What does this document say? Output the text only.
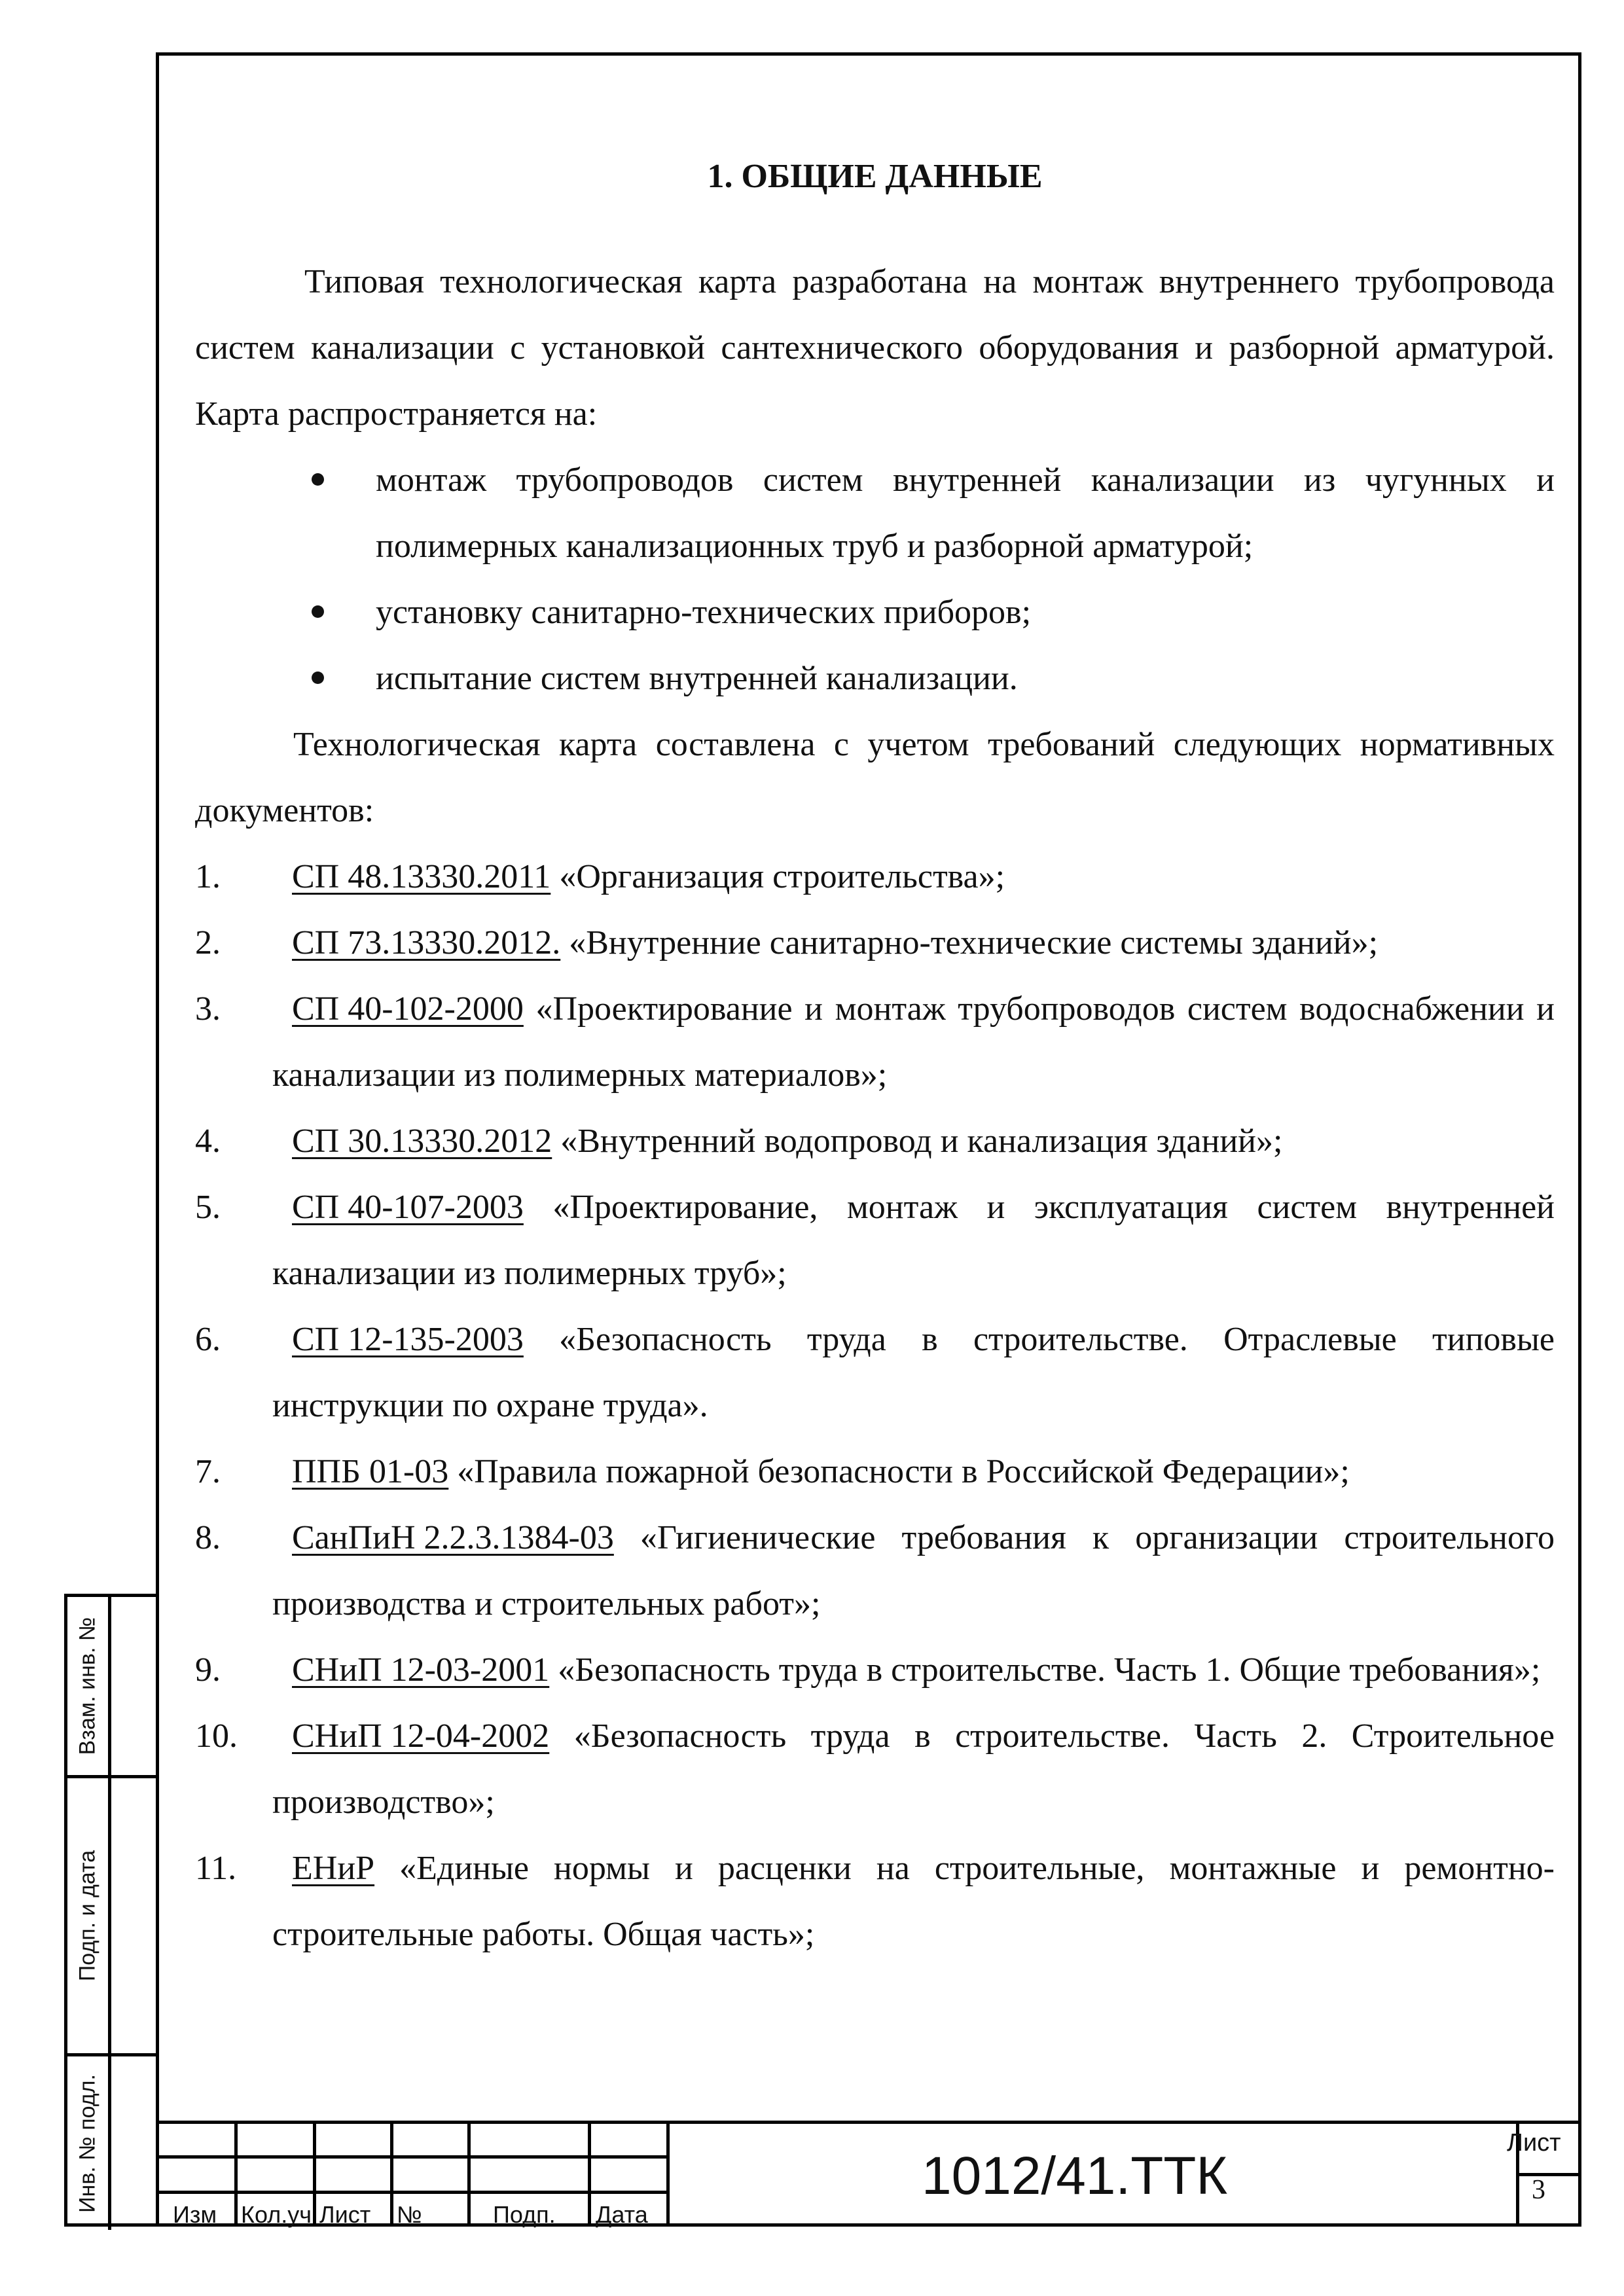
1. ОБЩИЕ ДАННЫЕ

Типовая технологическая карта разработана на монтаж внутреннего трубопровода систем канализации с установкой сантехнического оборудования и разборной арматурой. Карта распространяется на:

монтаж трубопроводов систем внутренней канализации из чугунных и полимерных канализационных труб и разборной арматурой;
установку санитарно-технических приборов;
испытание систем внутренней канализации.

Технологическая карта составлена с учетом требований следующих нормативных документов:

1. СП 48.13330.2011 «Организация строительства»;
2. СП 73.13330.2012. «Внутренние санитарно-технические системы зданий»;
3. СП 40-102-2000 «Проектирование и монтаж трубопроводов систем водоснабжении и канализации из полимерных материалов»;
4. СП 30.13330.2012 «Внутренний водопровод и канализация зданий»;
5. СП 40-107-2003 «Проектирование, монтаж и эксплуатация систем внутренней канализации из полимерных труб»;
6. СП 12-135-2003 «Безопасность труда в строительстве. Отраслевые типовые инструкции по охране труда».
7. ППБ 01-03 «Правила пожарной безопасности в Российской Федерации»;
8. СанПиН 2.2.3.1384-03 «Гигиенические требования к организации строительного производства и строительных работ»;
9. СНиП 12-03-2001 «Безопасность труда в строительстве. Часть 1. Общие требования»;
10. СНиП 12-04-2002 «Безопасность труда в строительстве. Часть 2. Строительное производство»;
11. ЕНиР «Единые нормы и расценки на строительные, монтажные и ремонтно-строительные работы. Общая часть»;
Взам. инв. №
Подп. и дата
Инв. № подл.
Изм Кол.уч Лист №	Подп. Дата
1012/41.ТТК
Лист
3
